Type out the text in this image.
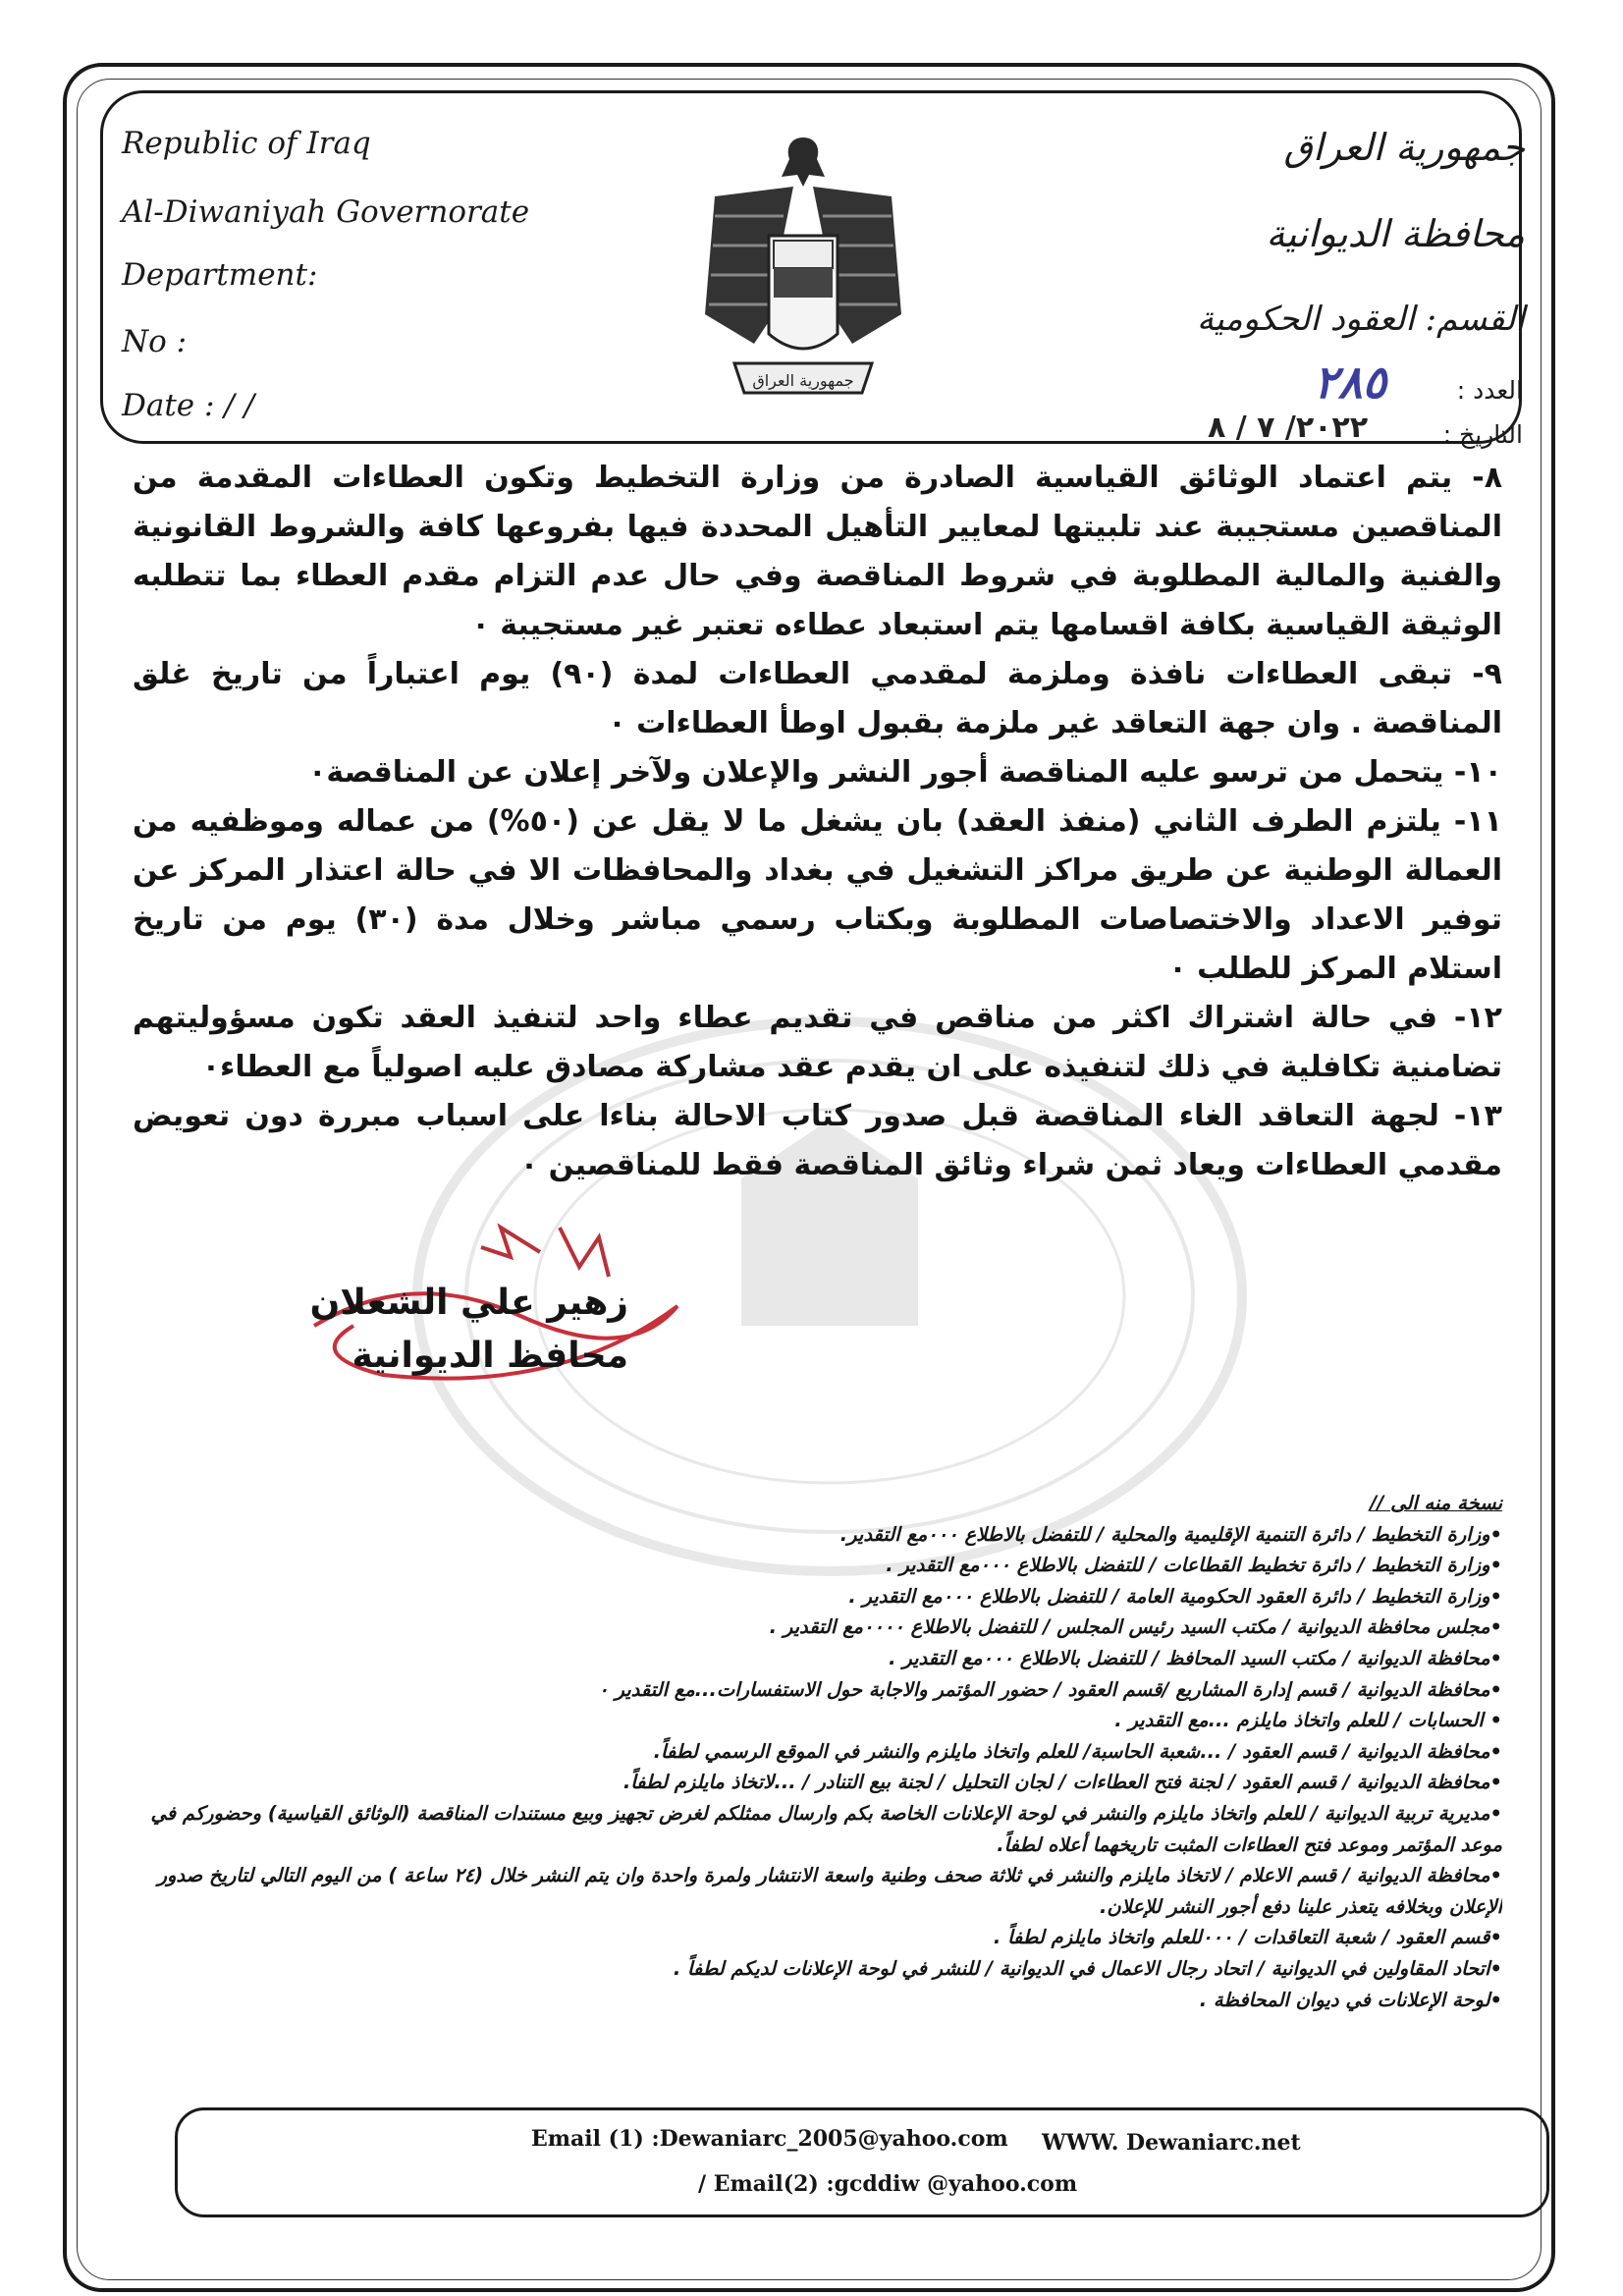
Republic of Iraq
Al-Diwaniyah Governorate
Department:
No :
Date : / /
جمهورية العراق
محافظة الديوانية
القسم: العقود الحكومية
العدد :
٢٨٥
التاريخ :
٢٠٢٢/ ٧ / ٨
جمهورية العراق

٨- يتم اعتماد الوثائق القياسية الصادرة من وزارة التخطيط وتكون العطاءات المقدمة من المناقصين مستجيبة عند تلبيتها لمعايير التأهيل المحددة فيها بفروعها كافة والشروط القانونية والفنية والمالية المطلوبة في شروط المناقصة وفي حال عدم التزام مقدم العطاء بما تتطلبه الوثيقة القياسية بكافة اقسامها يتم استبعاد عطاءه تعتبر غير مستجيبة ٠

٩- تبقى العطاءات نافذة وملزمة لمقدمي العطاءات لمدة (٩٠) يوم اعتباراً من تاريخ غلق المناقصة . وان جهة التعاقد غير ملزمة بقبول اوطأ العطاءات ٠

١٠- يتحمل من ترسو عليه المناقصة أجور النشر والإعلان ولآخر إعلان عن المناقصة٠

١١- يلتزم الطرف الثاني (منفذ العقد) بان يشغل ما لا يقل عن (٥٠%) من عماله وموظفيه من العمالة الوطنية عن طريق مراكز التشغيل في بغداد والمحافظات الا في حالة اعتذار المركز عن توفير الاعداد والاختصاصات المطلوبة وبكتاب رسمي مباشر وخلال مدة (٣٠) يوم من تاريخ استلام المركز للطلب ٠

١٢- في حالة اشتراك اكثر من مناقص في تقديم عطاء واحد لتنفيذ العقد تكون مسؤوليتهم تضامنية تكافلية في ذلك لتنفيذه على ان يقدم عقد مشاركة مصادق عليه اصولياً مع العطاء٠

١٣- لجهة التعاقد الغاء المناقصة قبل صدور كتاب الاحالة بناءا على اسباب مبررة دون تعويض مقدمي العطاءات ويعاد ثمن شراء وثائق المناقصة فقط للمناقصين ٠

زهير علي الشعلان
محافظ الديوانية
نسخة منه الى //
•وزارة التخطيط / دائرة التنمية الإقليمية والمحلية / للتفضل بالاطلاع ٠٠٠مع التقدير.
•وزارة التخطيط / دائرة تخطيط القطاعات / للتفضل بالاطلاع ٠٠٠مع التقدير .
•وزارة التخطيط / دائرة العقود الحكومية العامة / للتفضل بالاطلاع ٠٠٠مع التقدير .
•مجلس محافظة الديوانية / مكتب السيد رئيس المجلس / للتفضل بالاطلاع ٠٠٠٠مع التقدير .
•محافظة الديوانية / مكتب السيد المحافظ / للتفضل بالاطلاع ٠٠٠مع التقدير .
•محافظة الديوانية / قسم إدارة المشاريع /قسم العقود / حضور المؤتمر والاجابة حول الاستفسارات...مع التقدير ٠
• الحسابات / للعلم واتخاذ مايلزم ...مع التقدير .
•محافظة الديوانية / قسم العقود / ...شعبة الحاسبة/ للعلم واتخاذ مايلزم والنشر في الموقع الرسمي لطفاً.
•محافظة الديوانية / قسم العقود / لجنة فتح العطاءات / لجان التحليل / لجنة بيع التنادر / ...لاتخاذ مايلزم لطفاً.
•مديرية تربية الديوانية / للعلم واتخاذ مايلزم والنشر في لوحة الإعلانات الخاصة بكم وارسال ممثلكم لغرض تجهيز وبيع مستندات المناقصة (الوثائق القياسية) وحضوركم في موعد المؤتمر وموعد فتح العطاءات المثبت تاريخهما أعلاه لطفاً.
•محافظة الديوانية / قسم الاعلام / لاتخاذ مايلزم والنشر في ثلاثة صحف وطنية واسعة الانتشار ولمرة واحدة وان يتم النشر خلال (٢٤ ساعة ) من اليوم التالي لتاريخ صدور الإعلان وبخلافه يتعذر علينا دفع أجور النشر للإعلان.
•قسم العقود / شعبة التعاقدات / ٠٠٠للعلم واتخاذ مايلزم لطفاً .
•اتحاد المقاولين في الديوانية / اتحاد رجال الاعمال في الديوانية / للنشر في لوحة الإعلانات لديكم لطفاً .
•لوحة الإعلانات في ديوان المحافظة .
Email (1) :Dewaniarc_2005@yahoo.com WWW. Dewaniarc.net
/ Email(2) :gcddiw @yahoo.com
